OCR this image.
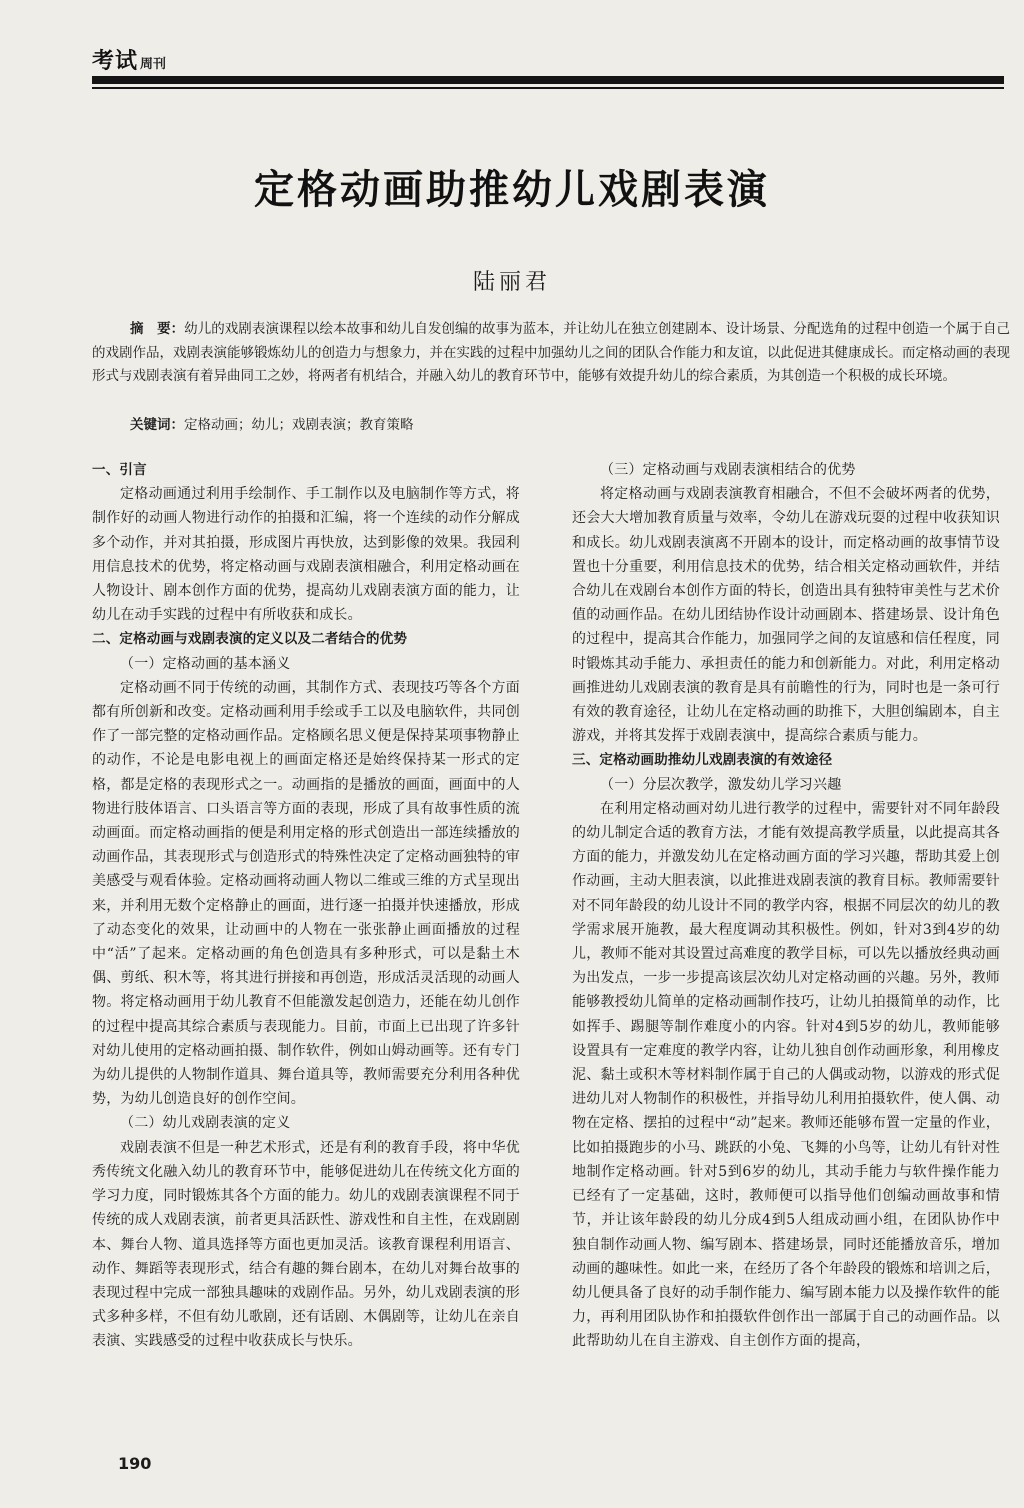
考试 周刊
定格动画助推幼儿戏剧表演
陆丽君
摘　要：幼儿的戏剧表演课程以绘本故事和幼儿自发创编的故事为蓝本，并让幼儿在独立创建剧本、设计场景、分配选角的过程中创造一个属于自己的戏剧作品，戏剧表演能够锻炼幼儿的创造力与想象力，并在实践的过程中加强幼儿之间的团队合作能力和友谊，以此促进其健康成长。而定格动画的表现形式与戏剧表演有着异曲同工之妙，将两者有机结合，并融入幼儿的教育环节中，能够有效提升幼儿的综合素质，为其创造一个积极的成长环境。
关键词：定格动画；幼儿；戏剧表演；教育策略
一、引言

定格动画通过利用手绘制作、手工制作以及电脑制作等方式，将制作好的动画人物进行动作的拍摄和汇编，将一个连续的动作分解成多个动作，并对其拍摄，形成图片再快放，达到影像的效果。我园利用信息技术的优势，将定格动画与戏剧表演相融合，利用定格动画在人物设计、剧本创作方面的优势，提高幼儿戏剧表演方面的能力，让幼儿在动手实践的过程中有所收获和成长。

二、定格动画与戏剧表演的定义以及二者结合的优势
（一）定格动画的基本涵义

定格动画不同于传统的动画，其制作方式、表现技巧等各个方面都有所创新和改变。定格动画利用手绘或手工以及电脑软件，共同创作了一部完整的定格动画作品。定格顾名思义便是保持某项事物静止的动作，不论是电影电视上的画面定格还是始终保持某一形式的定格，都是定格的表现形式之一。动画指的是播放的画面，画面中的人物进行肢体语言、口头语言等方面的表现，形成了具有故事性质的流动画面。而定格动画指的便是利用定格的形式创造出一部连续播放的动画作品，其表现形式与创造形式的特殊性决定了定格动画独特的审美感受与观看体验。定格动画将动画人物以二维或三维的方式呈现出来，并利用无数个定格静止的画面，进行逐一拍摄并快速播放，形成了动态变化的效果，让动画中的人物在一张张静止画面播放的过程中“活”了起来。定格动画的角色创造具有多种形式，可以是黏土木偶、剪纸、积木等，将其进行拼接和再创造，形成活灵活现的动画人物。将定格动画用于幼儿教育不但能激发起创造力，还能在幼儿创作的过程中提高其综合素质与表现能力。目前，市面上已出现了许多针对幼儿使用的定格动画拍摄、制作软件，例如山姆动画等。还有专门为幼儿提供的人物制作道具、舞台道具等，教师需要充分利用各种优势，为幼儿创造良好的创作空间。

（二）幼儿戏剧表演的定义

戏剧表演不但是一种艺术形式，还是有利的教育手段，将中华优秀传统文化融入幼儿的教育环节中，能够促进幼儿在传统文化方面的学习力度，同时锻炼其各个方面的能力。幼儿的戏剧表演课程不同于传统的成人戏剧表演，前者更具活跃性、游戏性和自主性，在戏剧剧本、舞台人物、道具选择等方面也更加灵活。该教育课程利用语言、动作、舞蹈等表现形式，结合有趣的舞台剧本，在幼儿对舞台故事的表现过程中完成一部独具趣味的戏剧作品。另外，幼儿戏剧表演的形式多种多样，不但有幼儿歌剧，还有话剧、木偶剧等，让幼儿在亲自表演、实践感受的过程中收获成长与快乐。

（三）定格动画与戏剧表演相结合的优势

将定格动画与戏剧表演教育相融合，不但不会破坏两者的优势，还会大大增加教育质量与效率，令幼儿在游戏玩耍的过程中收获知识和成长。幼儿戏剧表演离不开剧本的设计，而定格动画的故事情节设置也十分重要，利用信息技术的优势，结合相关定格动画软件，并结合幼儿在戏剧台本创作方面的特长，创造出具有独特审美性与艺术价值的动画作品。在幼儿团结协作设计动画剧本、搭建场景、设计角色的过程中，提高其合作能力，加强同学之间的友谊感和信任程度，同时锻炼其动手能力、承担责任的能力和创新能力。对此，利用定格动画推进幼儿戏剧表演的教育是具有前瞻性的行为，同时也是一条可行有效的教育途径，让幼儿在定格动画的助推下，大胆创编剧本，自主游戏，并将其发挥于戏剧表演中，提高综合素质与能力。

三、定格动画助推幼儿戏剧表演的有效途径
（一）分层次教学，激发幼儿学习兴趣

在利用定格动画对幼儿进行教学的过程中，需要针对不同年龄段的幼儿制定合适的教育方法，才能有效提高教学质量，以此提高其各方面的能力，并激发幼儿在定格动画方面的学习兴趣，帮助其爱上创作动画，主动大胆表演，以此推进戏剧表演的教育目标。教师需要针对不同年龄段的幼儿设计不同的教学内容，根据不同层次的幼儿的教学需求展开施教，最大程度调动其积极性。例如，针对3到4岁的幼儿，教师不能对其设置过高难度的教学目标，可以先以播放经典动画为出发点，一步一步提高该层次幼儿对定格动画的兴趣。另外，教师能够教授幼儿简单的定格动画制作技巧，让幼儿拍摄简单的动作，比如挥手、踢腿等制作难度小的内容。针对4到5岁的幼儿，教师能够设置具有一定难度的教学内容，让幼儿独自创作动画形象，利用橡皮泥、黏土或积木等材料制作属于自己的人偶或动物，以游戏的形式促进幼儿对人物制作的积极性，并指导幼儿利用拍摄软件，使人偶、动物在定格、摆拍的过程中“动”起来。教师还能够布置一定量的作业，比如拍摄跑步的小马、跳跃的小兔、飞舞的小鸟等，让幼儿有针对性地制作定格动画。针对5到6岁的幼儿，其动手能力与软件操作能力已经有了一定基础，这时，教师便可以指导他们创编动画故事和情节，并让该年龄段的幼儿分成4到5人组成动画小组，在团队协作中独自制作动画人物、编写剧本、搭建场景，同时还能播放音乐，增加动画的趣味性。如此一来，在经历了各个年龄段的锻炼和培训之后，幼儿便具备了良好的动手制作能力、编写剧本能力以及操作软件的能力，再利用团队协作和拍摄软件创作出一部属于自己的动画作品。以此帮助幼儿在自主游戏、自主创作方面的提高，

190
